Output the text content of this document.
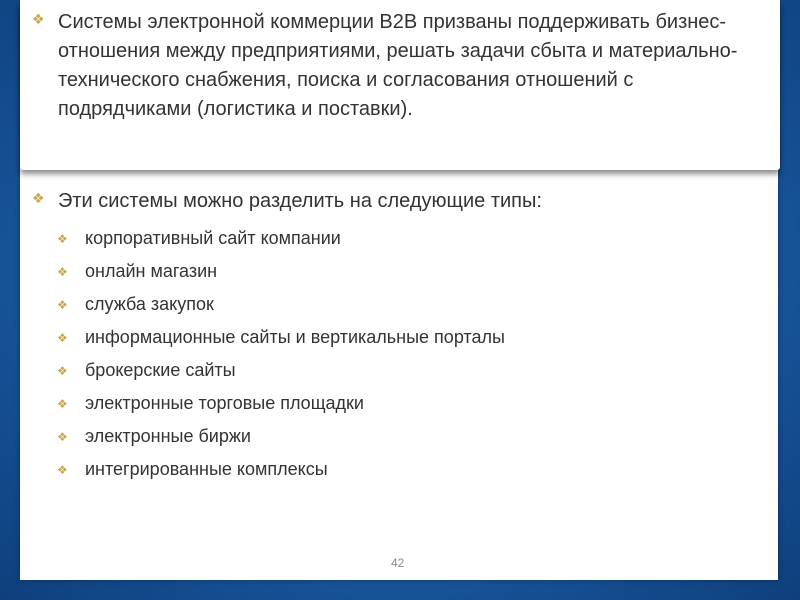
❖ Системы электронной коммерции B2B призваны поддерживать бизнес-отношения между предприятиями, решать задачи сбыта и материально-технического снабжения, поиска и согласования отношений с подрядчиками (логистика и поставки).
❖ Эти системы можно разделить на следующие типы:
❖ корпоративный сайт компании
❖ онлайн магазин
❖ служба закупок
❖ информационные сайты и вертикальные порталы
❖ брокерские сайты
❖ электронные торговые площадки
❖ электронные биржи
❖ интегрированные комплексы
42
